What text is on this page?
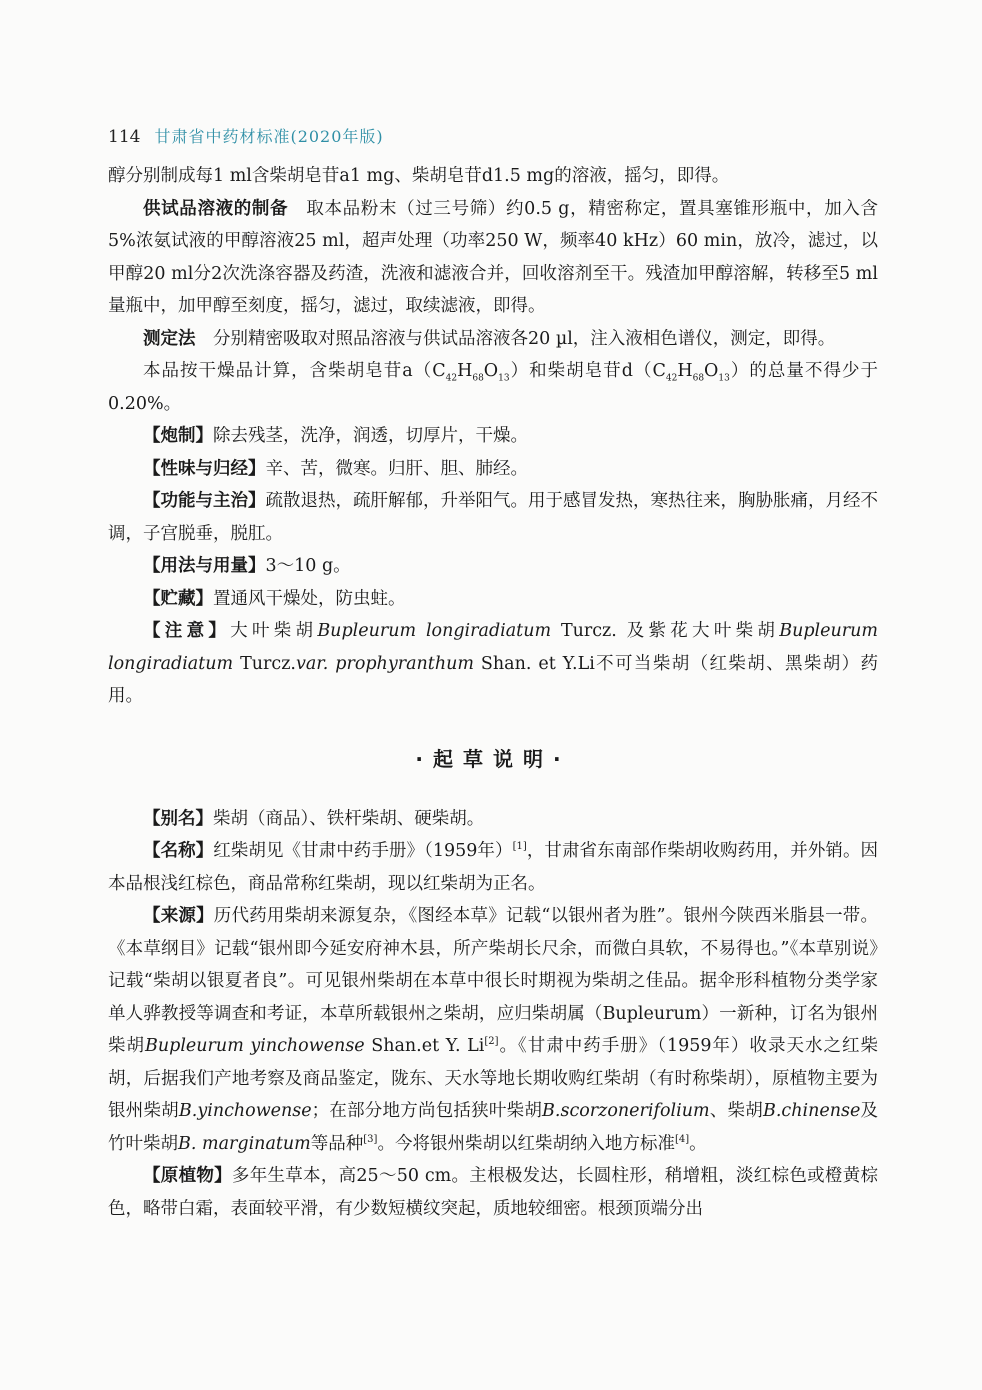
114 甘肃省中药材标准(2020年版)

醇分别制成每1 ml含柴胡皂苷a1 mg、柴胡皂苷d1.5 mg的溶液，摇匀，即得。

供试品溶液的制备　取本品粉末（过三号筛）约0.5 g，精密称定，置具塞锥形瓶中，加入含5%浓氨试液的甲醇溶液25 ml，超声处理（功率250 W，频率40 kHz）60 min，放冷，滤过，以甲醇20 ml分2次洗涤容器及药渣，洗液和滤液合并，回收溶剂至干。残渣加甲醇溶解，转移至5 ml量瓶中，加甲醇至刻度，摇匀，滤过，取续滤液，即得。

测定法　分别精密吸取对照品溶液与供试品溶液各20 µl，注入液相色谱仪，测定，即得。

本品按干燥品计算，含柴胡皂苷$a(C_{42}H_{68}O_{13})$和柴胡皂苷$d(C_{42}H_{68}O_{13})$的总量不得少于0.20%。

【炮制】除去残茎，洗净，润透，切厚片，干燥。

【性味与归经】辛、苦，微寒。归肝、胆、肺经。

【功能与主治】疏散退热，疏肝解郁，升举阳气。用于感冒发热，寒热往来，胸胁胀痛，月经不调，子宫脱垂，脱肛。

【用法与用量】3～10 g。

【贮藏】置通风干燥处，防虫蛀。

【注意】大叶柴胡Bupleurum longiradiatum Turcz. 及紫花大叶柴胡Bupleurum longiradiatum Turcz.var. prophyranthum Shan. et Y.Li不可当柴胡（红柴胡、黑柴胡）药用。

·起草说明·

【别名】柴胡（商品）、铁杆柴胡、硬柴胡。

【名称】红柴胡见《甘肃中药手册》（1959年）[1]，甘肃省东南部作柴胡收购药用，并外销。因本品根浅红棕色，商品常称红柴胡，现以红柴胡为正名。

【来源】历代药用柴胡来源复杂，《图经本草》记载“以银州者为胜”。银州今陕西米脂县一带。《本草纲目》记载“银州即今延安府神木县，所产柴胡长尺余，而微白具软，不易得也。”《本草别说》记载“柴胡以银夏者良”。可见银州柴胡在本草中很长时期视为柴胡之佳品。据伞形科植物分类学家单人骅教授等调查和考证，本草所载银州之柴胡，应归柴胡属（Bupleurum）一新种，订名为银州柴胡Bupleurum yinchowense Shan.et Y. Li[2]。《甘肃中药手册》（1959年）收录天水之红柴胡，后据我们产地考察及商品鉴定，陇东、天水等地长期收购红柴胡（有时称柴胡），原植物主要为银州柴胡B.yinchowense；在部分地方尚包括狭叶柴胡B.scorzonerifolium、柴胡B.chinense及竹叶柴胡B. marginatum等品种[3]。今将银州柴胡以红柴胡纳入地方标准[4]。

【原植物】多年生草本，高25～50 cm。主根极发达，长圆柱形，稍增粗，淡红棕色或橙黄棕色，略带白霜，表面较平滑，有少数短横纹突起，质地较细密。根颈顶端分出
